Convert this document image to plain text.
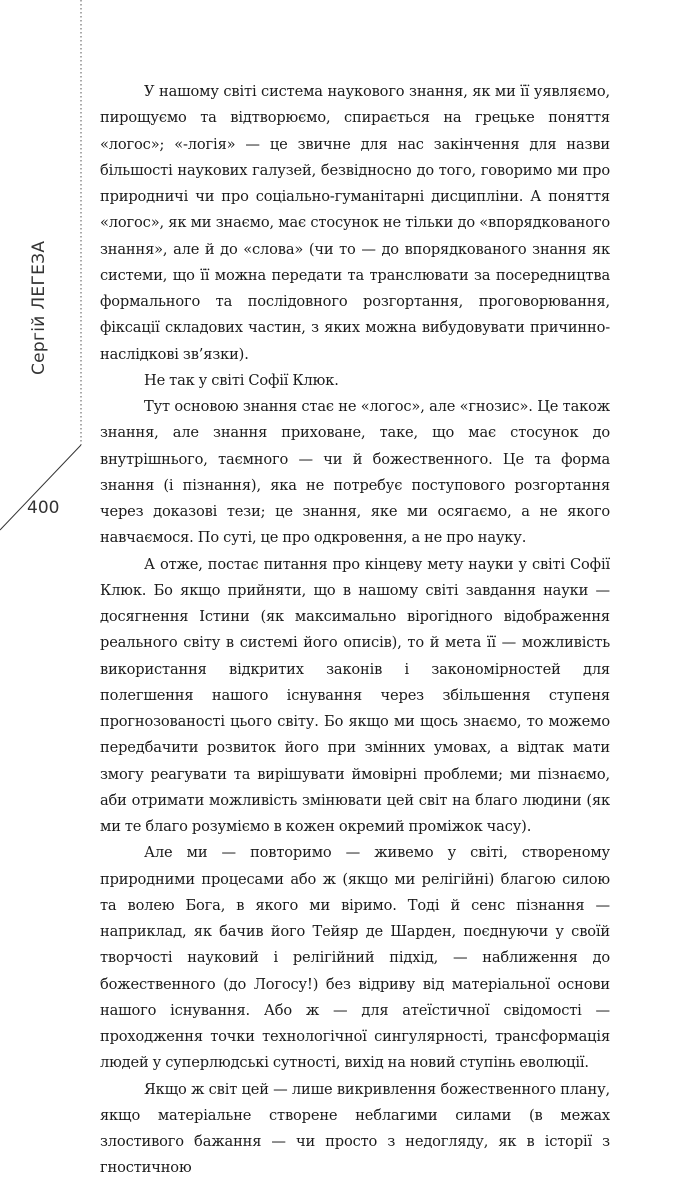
Сергій ЛЕГЕЗА
400

У нашому світі система наукового знання, як ми її уявляємо, пирощуємо та відтворюємо, спирається на грецьке поняття «логос»; «-логія» — це звичне для нас закінчення для назви більшості наукових галузей, безвідносно до того, говоримо ми про природничі чи про соціально-гуманітарні дисципліни. А поняття «логос», як ми знаємо, має стосунок не тільки до «впорядкованого знання», але й до «слова» (чи то — до впорядкованого знання як системи, що її можна передати та транслювати за посередництва формального та послідовного розгортання, проговорювання, фіксації складових частин, з яких можна вибудовувати причинно-наслідкові зв’язки).

Не так у світі Софії Клюк.

Тут основою знання стає не «логос», але «гнозис». Це також знання, але знання приховане, таке, що має стосунок до внутрішнього, таємного — чи й божественного. Це та форма знання (і пізнання), яка не потребує поступового розгортання через доказові тези; це знання, яке ми осягаємо, а не якого навчаємося. По суті, це про одкровення, а не про науку.

А отже, постає питання про кінцеву мету науки у світі Софії Клюк. Бо якщо прийняти, що в нашому світі завдання науки — досягнення Істини (як максимально вірогідного відображення реального світу в системі його описів), то й мета її — можливість використання відкритих законів і закономірностей для полегшення нашого існування через збільшення ступеня прогнозованості цього світу. Бо якщо ми щось знаємо, то можемо передбачити розвиток його при змінних умовах, а відтак мати змогу реагувати та вирішувати ймовірні проблеми; ми пізнаємо, аби отримати можливість змінювати цей світ на благо людини (як ми те благо розуміємо в кожен окремий проміжок часу).

Але ми — повторимо — живемо у світі, створеному природними процесами або ж (якщо ми релігійні) благою силою та волею Бога, в якого ми віримо. Тоді й сенс пізнання — наприклад, як бачив його Тейяр де Шарден, поєднуючи у своїй творчості науковий і релігійний підхід, — наближення до божественного (до Логосу!) без відриву від матеріальної основи нашого існування. Або ж — для атеїстичної свідомості — проходження точки технологічної сингулярності, трансформація людей у суперлюдські сутності, вихід на новий ступінь еволюції.

Якщо ж світ цей — лише викривлення божественного плану, якщо матеріальне створене неблагими силами (в межах злостивого бажання — чи просто з недогляду, як в історії з гностичною
